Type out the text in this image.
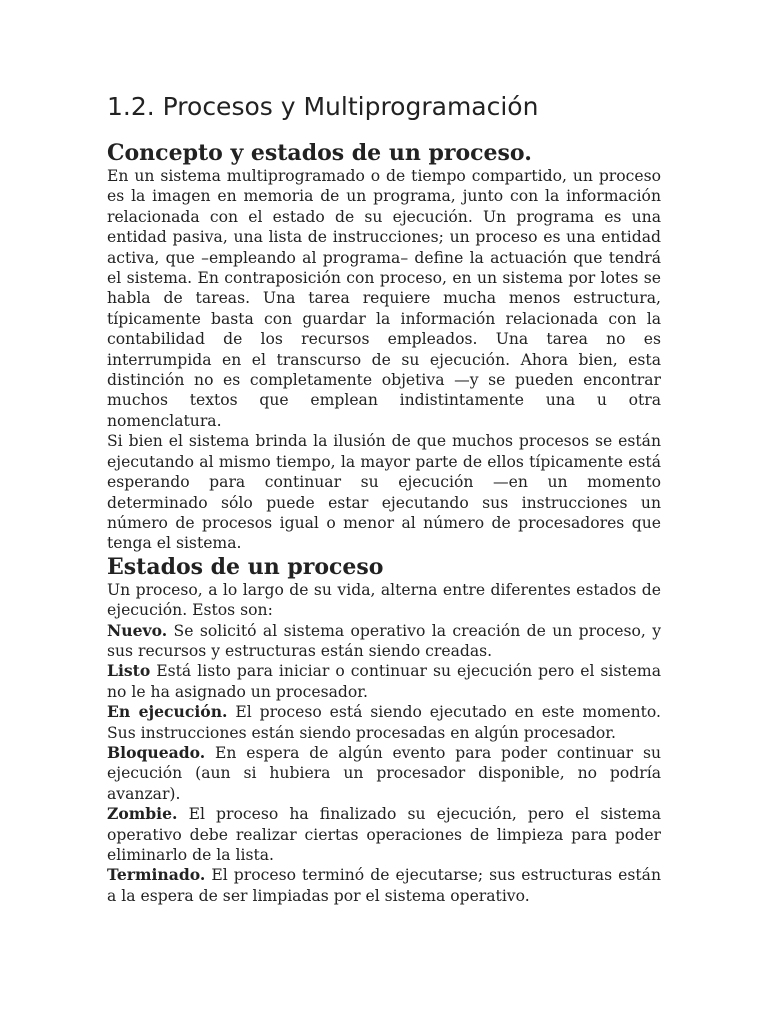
1.2. Procesos y Multiprogramación
Concepto y estados de un proceso.

En un sistema multiprogramado o de tiempo compartido, un proceso es la imagen en memoria de un programa, junto con la información relacionada con el estado de su ejecución. Un programa es una entidad pasiva, una lista de instrucciones; un proceso es una entidad activa, que –empleando al programa– define la actuación que tendrá el sistema. En contraposición con proceso, en un sistema por lotes se habla de tareas. Una tarea requiere mucha menos estructura, típicamente basta con guardar la información relacionada con la contabilidad de los recursos empleados. Una tarea no es interrumpida en el transcurso de su ejecución. Ahora bien, esta distinción no es completamente objetiva —y se pueden encontrar muchos textos que emplean indistintamente una u otra nomenclatura.

Si bien el sistema brinda la ilusión de que muchos procesos se están ejecutando al mismo tiempo, la mayor parte de ellos típicamente está esperando para continuar su ejecución —en un momento determinado sólo puede estar ejecutando sus instrucciones un número de procesos igual o menor al número de procesadores que tenga el sistema.

Estados de un proceso

Un proceso, a lo largo de su vida, alterna entre diferentes estados de ejecución. Estos son:

Nuevo. Se solicitó al sistema operativo la creación de un proceso, y sus recursos y estructuras están siendo creadas.

Listo Está listo para iniciar o continuar su ejecución pero el sistema no le ha asignado un procesador.

En ejecución. El proceso está siendo ejecutado en este momento. Sus instrucciones están siendo procesadas en algún procesador.

Bloqueado. En espera de algún evento para poder continuar su ejecución (aun si hubiera un procesador disponible, no podría avanzar).

Zombie. El proceso ha finalizado su ejecución, pero el sistema operativo debe realizar ciertas operaciones de limpieza para poder eliminarlo de la lista.

Terminado. El proceso terminó de ejecutarse; sus estructuras están a la espera de ser limpiadas por el sistema operativo.
